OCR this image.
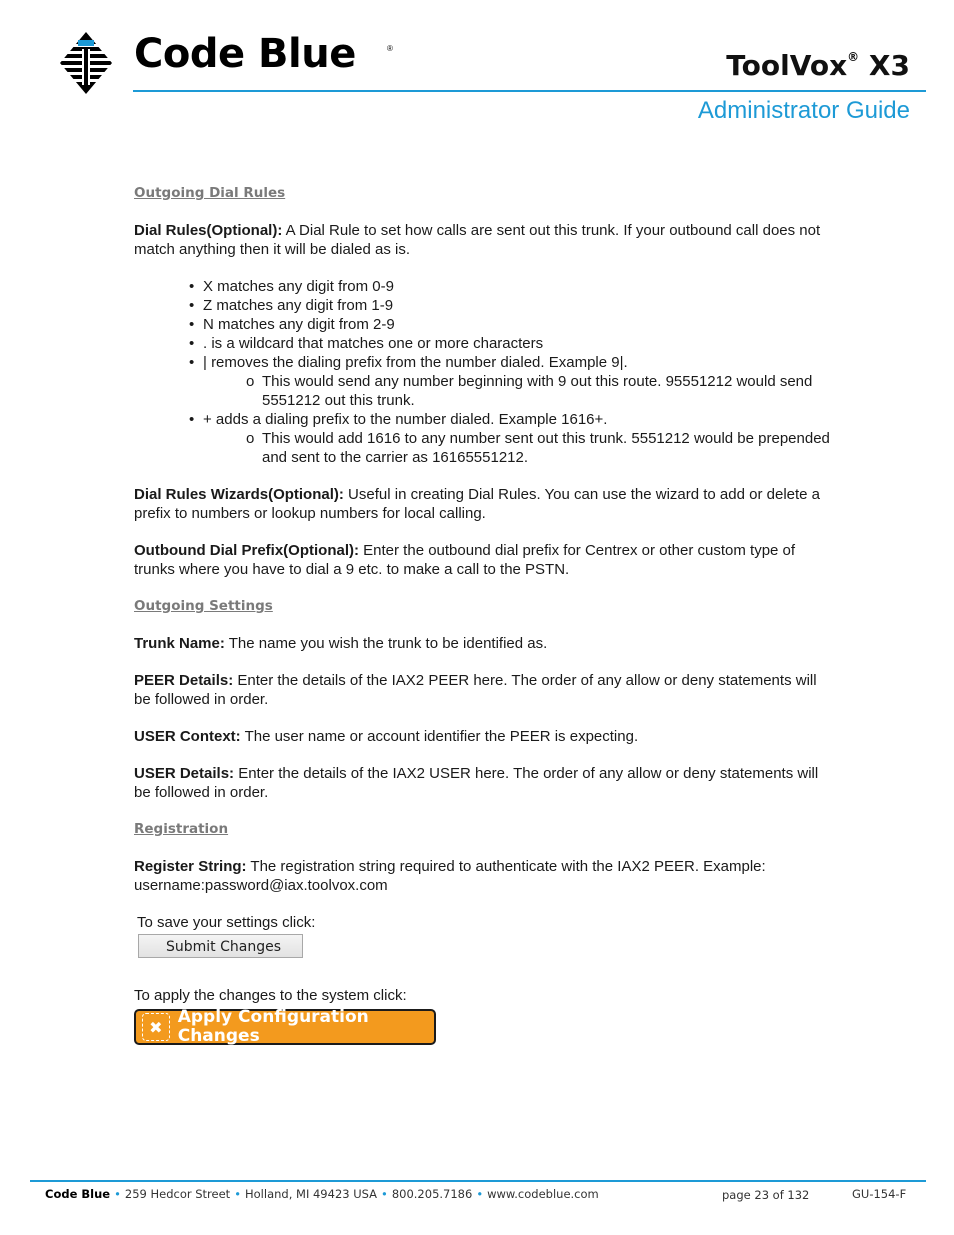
Code Blue	®
ToolVox® X3
Administrator Guide
Outgoing Dial Rules

Dial Rules(Optional): A Dial Rule to set how calls are sent out this trunk. If your outbound call does not match anything then it will be dialed as is.

• X matches any digit from 0-9
• Z matches any digit from 1-9
• N matches any digit from 2-9
• . is a wildcard that matches one or more characters
• | removes the dialing prefix from the number dialed. Example 9|.
o This would send any number beginning with 9 out this route. 95551212 would send 5551212 out this trunk.
• + adds a dialing prefix to the number dialed. Example 1616+.
o This would add 1616 to any number sent out this trunk. 5551212 would be prepended and sent to the carrier as 16165551212.

Dial Rules Wizards(Optional): Useful in creating Dial Rules. You can use the wizard to add or delete a prefix to numbers or lookup numbers for local calling.

Outbound Dial Prefix(Optional): Enter the outbound dial prefix for Centrex or other custom type of trunks where you have to dial a 9 etc. to make a call to the PSTN.

Outgoing Settings

Trunk Name: The name you wish the trunk to be identified as.

PEER Details: Enter the details of the IAX2 PEER here. The order of any allow or deny statements will be followed in order.

USER Context: The user name or account identifier the PEER is expecting.

USER Details: Enter the details of the IAX2 USER here. The order of any allow or deny statements will be followed in order.

Registration

Register String: The registration string required to authenticate with the IAX2 PEER. Example: username:password@iax.toolvox.com

To save your settings click:
Submit Changes
To apply the changes to the system click:
✖ Apply Configuration Changes
Code Blue • 259 Hedcor Street • Holland, MI 49423 USA • 800.205.7186 • www.codeblue.com	page 23 of 132	GU-154-F
